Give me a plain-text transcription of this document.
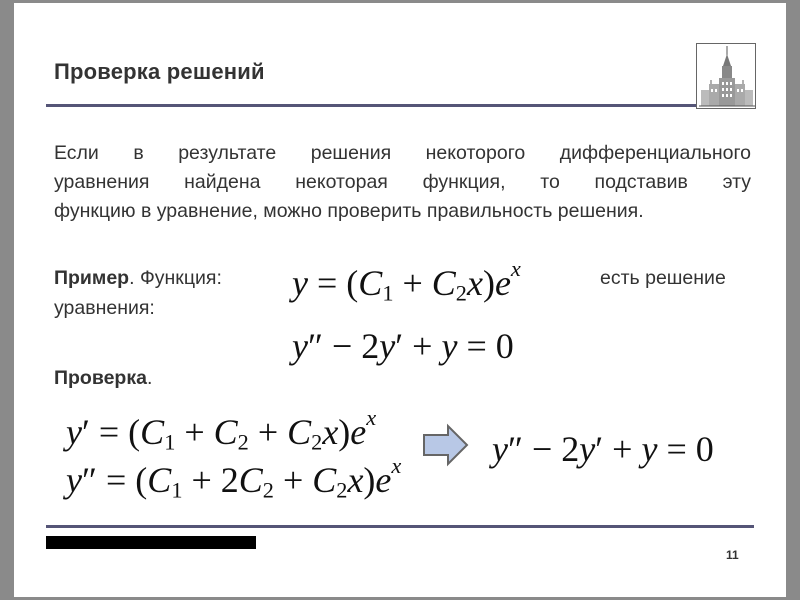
Проверка решений
Если в результате решения некоторого дифференциального
уравнения найдена некоторая функция, то подставив эту
функцию в уравнение, можно проверить правильность решения.
Пример. Функция:	есть решение
уравнения:
$y = (C_1 + C_2x)e^x$
y″ − 2y′ + y = 0
Проверка.
$y' = (C_1 + C_2 + C_2x)e^x$
$y'' = (C_1 + 2C_2 + C_2x)e^x$	y″ − 2y′ + y = 0
11
